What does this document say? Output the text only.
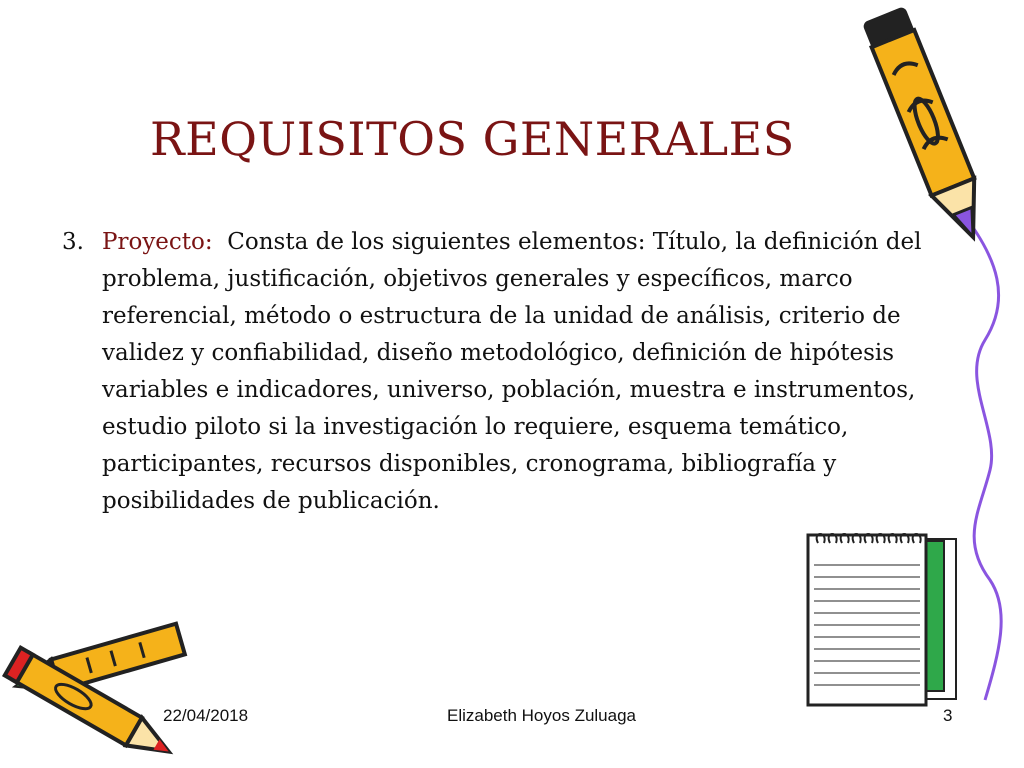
REQUISITOS GENERALES
3. Proyecto: Consta de los siguientes elementos: Título, la definición del problema, justificación, objetivos generales y específicos, marco referencial, método o estructura de la unidad de análisis, criterio de validez y confiabilidad, diseño metodológico, definición de hipótesis variables e indicadores, universo, población, muestra e instrumentos, estudio piloto si la investigación lo requiere, esquema temático, participantes, recursos disponibles, cronograma, bibliografía y posibilidades de publicación.
22/04/2018	Elizabeth Hoyos Zuluaga	3
